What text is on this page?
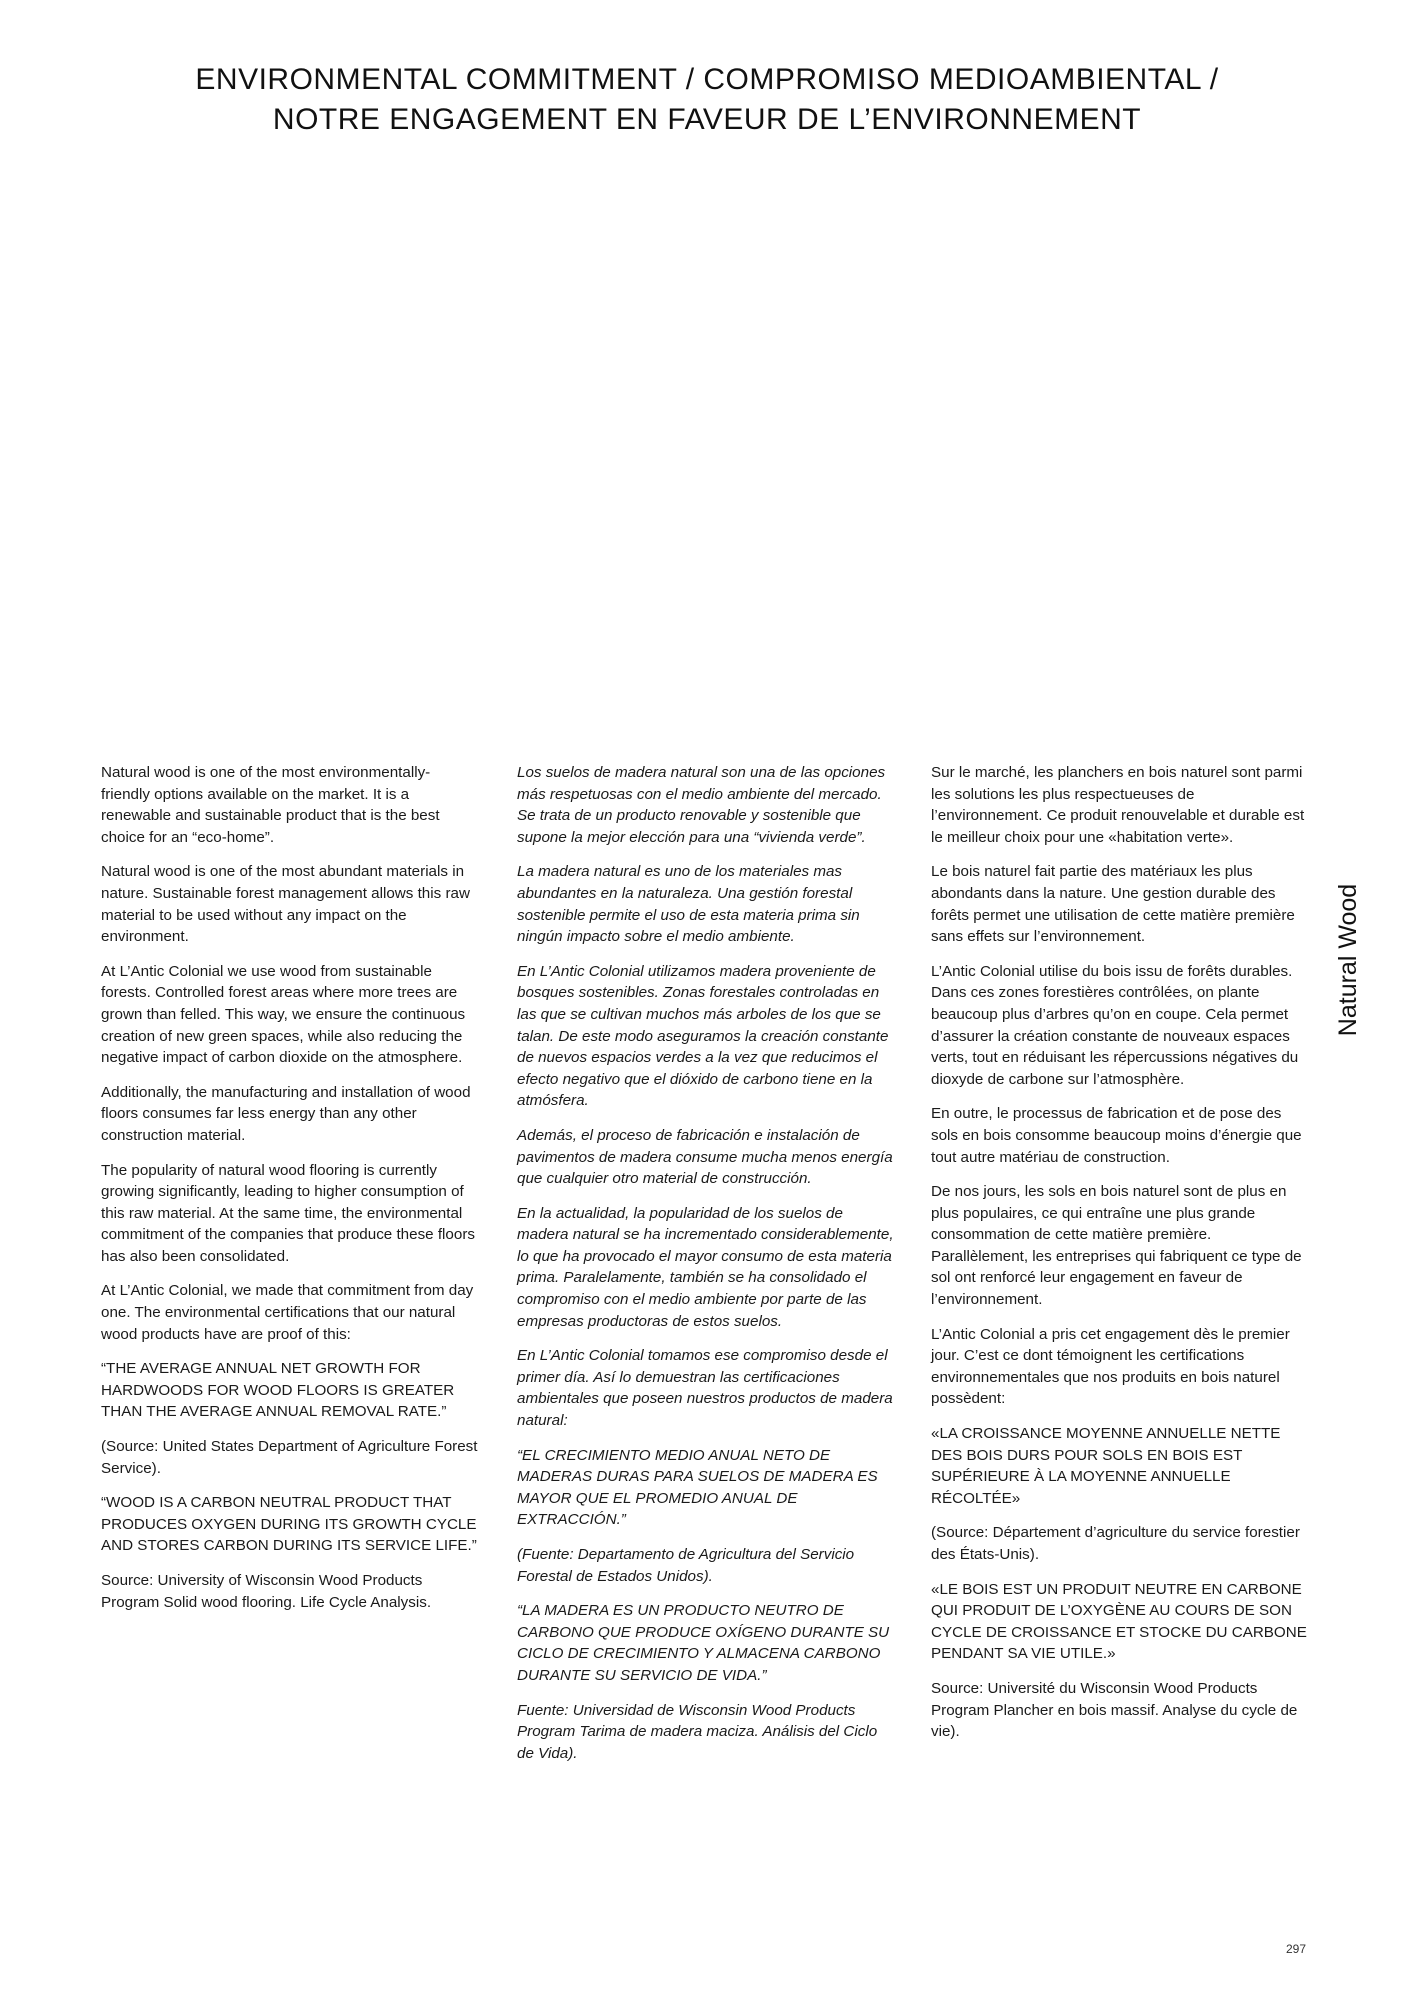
ENVIRONMENTAL COMMITMENT / COMPROMISO MEDIOAMBIENTAL /
NOTRE ENGAGEMENT EN FAVEUR DE L’ENVIRONNEMENT

Natural wood is one of the most environmentally-friendly options available on the market. It is a renewable and sustainable product that is the best choice for an “eco-home”.

Natural wood is one of the most abundant materials in nature. Sustainable forest management allows this raw material to be used without any impact on the environment.

At L’Antic Colonial we use wood from sustainable forests. Controlled forest areas where more trees are grown than felled. This way, we ensure the continuous creation of new green spaces, while also reducing the negative impact of carbon dioxide on the atmosphere.

Additionally, the manufacturing and installation of wood floors consumes far less energy than any other construction material.

The popularity of natural wood flooring is currently growing significantly, leading to higher consumption of this raw material. At the same time, the environmental commitment of the companies that produce these floors has also been consolidated.

At L’Antic Colonial, we made that commitment from day one. The environmental certifications that our natural wood products have are proof of this:

“THE AVERAGE ANNUAL NET GROWTH FOR HARDWOODS FOR WOOD FLOORS IS GREATER THAN THE AVERAGE ANNUAL REMOVAL RATE.”

(Source: United States Department of Agriculture Forest Service).

“WOOD IS A CARBON NEUTRAL PRODUCT THAT PRODUCES OXYGEN DURING ITS GROWTH CYCLE AND STORES CARBON DURING ITS SERVICE LIFE.”

Source: University of Wisconsin Wood Products Program Solid wood flooring. Life Cycle Analysis.

Los suelos de madera natural son una de las opciones más respetuosas con el medio ambiente del mercado. Se trata de un producto renovable y sostenible que supone la mejor elección para una “vivienda verde”.

La madera natural es uno de los materiales mas abundantes en la naturaleza. Una gestión forestal sostenible permite el uso de esta materia prima sin ningún impacto sobre el medio ambiente.

En L’Antic Colonial utilizamos madera proveniente de bosques sostenibles. Zonas forestales controladas en las que se cultivan muchos más arboles de los que se talan. De este modo aseguramos la creación constante de nuevos espacios verdes a la vez que reducimos el efecto negativo que el dióxido de carbono tiene en la atmósfera.

Además, el proceso de fabricación e instalación de pavimentos de madera consume mucha menos energía que cualquier otro material de construcción.

En la actualidad, la popularidad de los suelos de madera natural se ha incrementado considerablemente, lo que ha provocado el mayor consumo de esta materia prima. Paralelamente, también se ha consolidado el compromiso con el medio ambiente por parte de las empresas productoras de estos suelos.

En L’Antic Colonial tomamos ese compromiso desde el primer día. Así lo demuestran las certificaciones ambientales que poseen nuestros productos de madera natural:

“EL CRECIMIENTO MEDIO ANUAL NETO DE MADERAS DURAS PARA SUELOS DE MADERA ES MAYOR QUE EL PROMEDIO ANUAL DE EXTRACCIÓN.”

(Fuente: Departamento de Agricultura del Servicio Forestal de Estados Unidos).

“LA MADERA ES UN PRODUCTO NEUTRO DE CARBONO QUE PRODUCE OXÍGENO DURANTE SU CICLO DE CRECIMIENTO Y ALMACENA CARBONO DURANTE SU SERVICIO DE VIDA.”

Fuente: Universidad de Wisconsin Wood Products Program Tarima de madera maciza. Análisis del Ciclo de Vida).

Sur le marché, les planchers en bois naturel sont parmi les solutions les plus respectueuses de l’environnement. Ce produit renouvelable et durable est le meilleur choix pour une «habitation verte».

Le bois naturel fait partie des matériaux les plus abondants dans la nature. Une gestion durable des forêts permet une utilisation de cette matière première sans effets sur l’environnement.

L’Antic Colonial utilise du bois issu de forêts durables. Dans ces zones forestières contrôlées, on plante beaucoup plus d’arbres qu’on en coupe. Cela permet d’assurer la création constante de nouveaux espaces verts, tout en réduisant les répercussions négatives du dioxyde de carbone sur l’atmosphère.

En outre, le processus de fabrication et de pose des sols en bois consomme beaucoup moins d’énergie que tout autre matériau de construction.

De nos jours, les sols en bois naturel sont de plus en plus populaires, ce qui entraîne une plus grande consommation de cette matière première. Parallèlement, les entreprises qui fabriquent ce type de sol ont renforcé leur engagement en faveur de l’environnement.

L’Antic Colonial a pris cet engagement dès le premier jour. C’est ce dont témoignent les certifications environnementales que nos produits en bois naturel possèdent:

«LA CROISSANCE MOYENNE ANNUELLE NETTE DES BOIS DURS POUR SOLS EN BOIS EST SUPÉRIEURE À LA MOYENNE ANNUELLE RÉCOLTÉE»

(Source: Département d’agriculture du service forestier des États-Unis).

«LE BOIS EST UN PRODUIT NEUTRE EN CARBONE QUI PRODUIT DE L’OXYGÈNE AU COURS DE SON CYCLE DE CROISSANCE ET STOCKE DU CARBONE PENDANT SA VIE UTILE.»

Source: Université du Wisconsin Wood Products Program Plancher en bois massif. Analyse du cycle de vie).

Natural Wood
297
